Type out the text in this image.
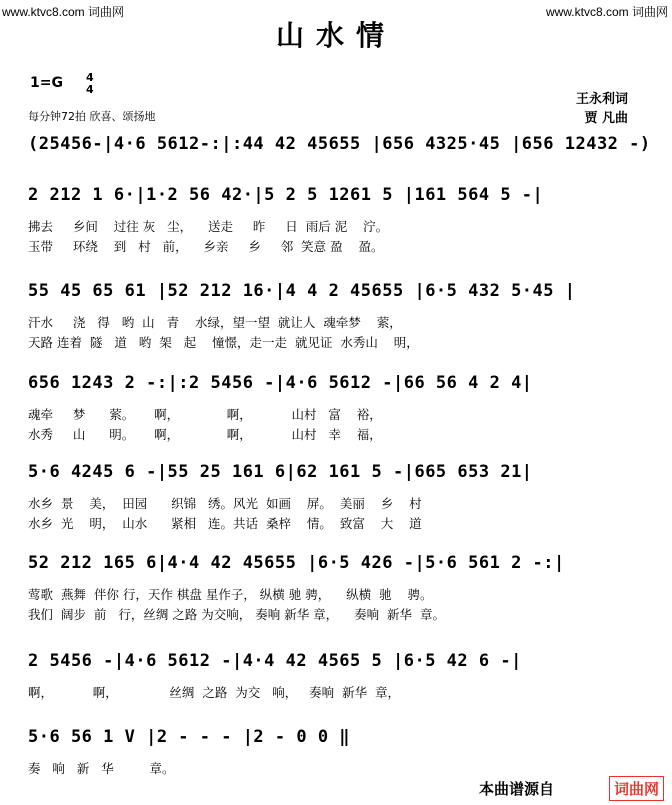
www.ktvc8.com 词曲网	www.ktvc8.com 词曲网
山水情
1=G 4
4
每分钟72拍 欣喜、颂扬地
王永利词
贾 凡曲
(25456-|4·6 5612-:|:44 42 45655 |656 4325·45 |656 12432 -)
2 212 1 6·|1·2 56 42·|5 2 5 1261 5 |161 564 5 -|
拂去     乡间    过往 灰   尘，    送走     昨     日  雨后 泥    泞。
玉带     环绕    到   村   前，    乡亲     乡     邻  笑意 盈    盈。
55 45 65 61 |52 212 16·|4 4 2 45655 |6·5 432 5·45 |
汗水     浇   得   哟  山   青    水绿，望一望  就让人  魂牵梦    萦，
天路 连着  隧   道   哟  架   起    憧憬，走一走  就见证  水秀山    明，
656 1243 2 -:|:2 5456 -|4·6 5612 -|66 56 4 2 4|
魂牵     梦      萦。     啊，            啊，          山村   富    裕，
水秀     山      明。     啊，            啊，          山村   幸    福，
5·6 4245 6 -|55 25 161 6|62 161 5 -|665 653 21|
水乡  景    美，  田园      织锦   绣。风光  如画    屏。  美丽    乡    村
水乡  光    明，  山水      紧相   连。共话  桑梓    情。  致富    大    道
52 212 165 6|4·4 42 45655 |6·5 426 -|5·6 561 2 -:|
莺歌  燕舞  伴你 行，天作 棋盘 星作子， 纵横 驰 骋，    纵横  驰    骋。
我们  阔步  前   行，丝绸 之路 为交响， 奏响 新华 章，    奏响  新华  章。
2 5456 -|4·6 5612 -|4·4 42 4565 5 |6·5 42 6 -|
啊，          啊，             丝绸  之路  为交   响，   奏响  新华  章，
5·6 56 1 V |2 - - - |2 - 0 0 ‖
奏   响   新   华         章。
本曲谱源自	词曲网
